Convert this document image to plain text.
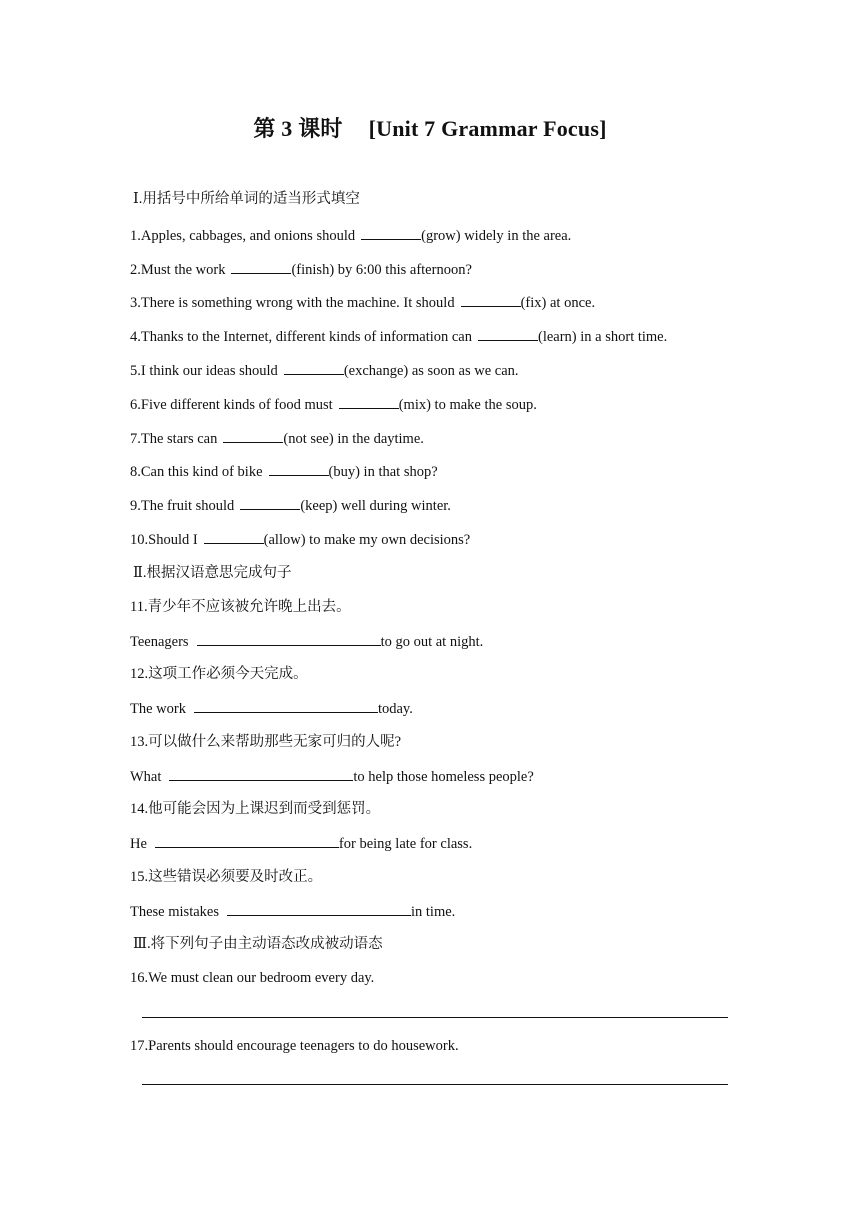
第 3 课时 [Unit 7 Grammar Focus]
Ⅰ.用括号中所给单词的适当形式填空
1.Apples, cabbages, and onions should	(grow) widely in the area.
2.Must the work	(finish) by 6:00 this afternoon?
3.There is something wrong with the machine. It should	(fix) at once.
4.Thanks to the Internet, different kinds of information can	(learn) in a short time.
5.I think our ideas should	(exchange) as soon as we can.
6.Five different kinds of food must	(mix) to make the soup.
7.The stars can	(not see) in the daytime.
8.Can this kind of bike	(buy) in that shop?
9.The fruit should	(keep) well during winter.
10.Should I	(allow) to make my own decisions?
Ⅱ.根据汉语意思完成句子
11.青少年不应该被允许晚上出去。
Teenagers	to go out at night.
12.这项工作必须今天完成。
The work	today.
13.可以做什么来帮助那些无家可归的人呢?
What	to help those homeless people?
14.他可能会因为上课迟到而受到惩罚。
He	for being late for class.
15.这些错误必须要及时改正。
These mistakes	in time.
Ⅲ.将下列句子由主动语态改成被动语态
16.We must clean our bedroom every day.
17.Parents should encourage teenagers to do housework.
